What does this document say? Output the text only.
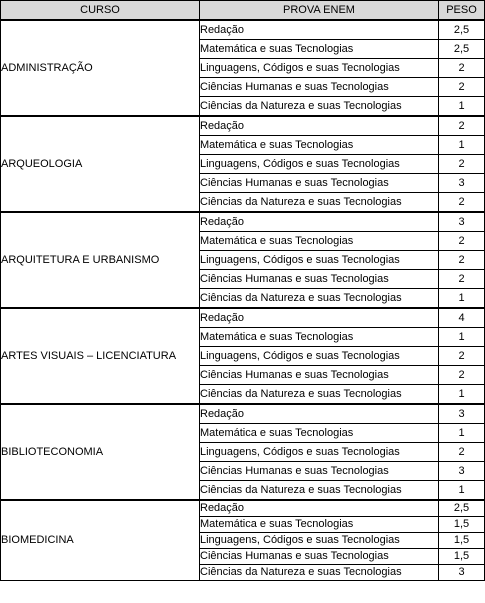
CURSO	PROVA ENEM	PESO
ADMINISTRAÇÃO	Redação	2,5
	Matemática e suas Tecnologias	2,5
	Linguagens, Códigos e suas Tecnologias	2
	Ciências Humanas e suas Tecnologias	2
	Ciências da Natureza e suas Tecnologias	1
ARQUEOLOGIA	Redação	2
	Matemática e suas Tecnologias	1
	Linguagens, Códigos e suas Tecnologias	2
	Ciências Humanas e suas Tecnologias	3
	Ciências da Natureza e suas Tecnologias	2
ARQUITETURA E URBANISMO	Redação	3
	Matemática e suas Tecnologias	2
	Linguagens, Códigos e suas Tecnologias	2
	Ciências Humanas e suas Tecnologias	2
	Ciências da Natureza e suas Tecnologias	1
ARTES VISUAIS – LICENCIATURA	Redação	4
	Matemática e suas Tecnologias	1
	Linguagens, Códigos e suas Tecnologias	2
	Ciências Humanas e suas Tecnologias	2
	Ciências da Natureza e suas Tecnologias	1
BIBLIOTECONOMIA	Redação	3
	Matemática e suas Tecnologias	1
	Linguagens, Códigos e suas Tecnologias	2
	Ciências Humanas e suas Tecnologias	3
	Ciências da Natureza e suas Tecnologias	1
BIOMEDICINA	Redação	2,5
	Matemática e suas Tecnologias	1,5
	Linguagens, Códigos e suas Tecnologias	1,5
	Ciências Humanas e suas Tecnologias	1,5
	Ciências da Natureza e suas Tecnologias	3
